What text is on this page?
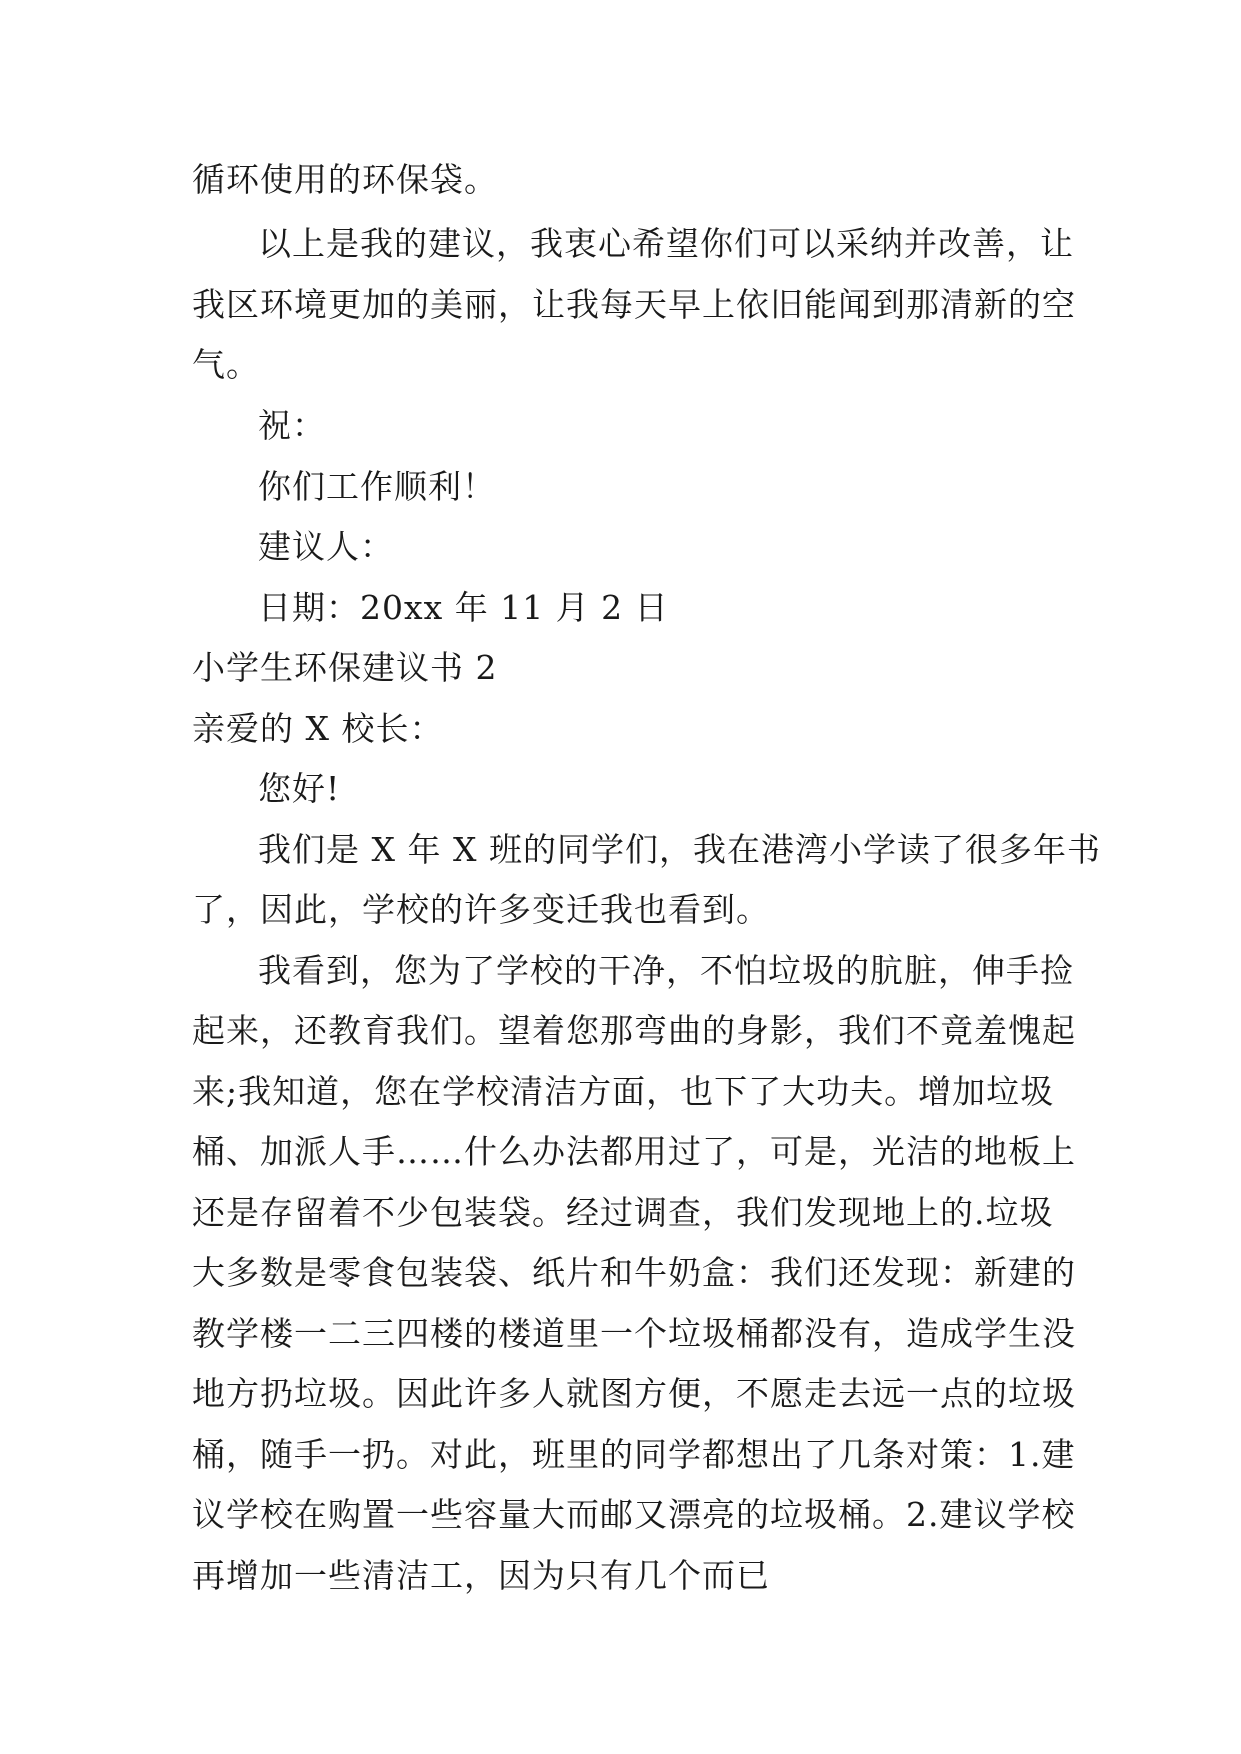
循环使用的环保袋。
以上是我的建议，我衷心希望你们可以采纳并改善，让
我区环境更加的美丽，让我每天早上依旧能闻到那清新的空
气。
祝：
你们工作顺利！
建议人：
日期：20xx 年 11 月 2 日
小学生环保建议书 2
亲爱的 X 校长：
您好!
我们是 X 年 X 班的同学们，我在港湾小学读了很多年书
了，因此，学校的许多变迁我也看到。
我看到，您为了学校的干净，不怕垃圾的肮脏，伸手捡
起来，还教育我们。望着您那弯曲的身影，我们不竟羞愧起
来;我知道，您在学校清洁方面，也下了大功夫。增加垃圾
桶、加派人手……什么办法都用过了，可是，光洁的地板上
还是存留着不少包装袋。经过调查，我们发现地上的.垃圾
大多数是零食包装袋、纸片和牛奶盒：我们还发现：新建的
教学楼一二三四楼的楼道里一个垃圾桶都没有，造成学生没
地方扔垃圾。因此许多人就图方便，不愿走去远一点的垃圾
桶，随手一扔。对此，班里的同学都想出了几条对策：1.建
议学校在购置一些容量大而邮又漂亮的垃圾桶。2.建议学校
再增加一些清洁工，因为只有几个而已
